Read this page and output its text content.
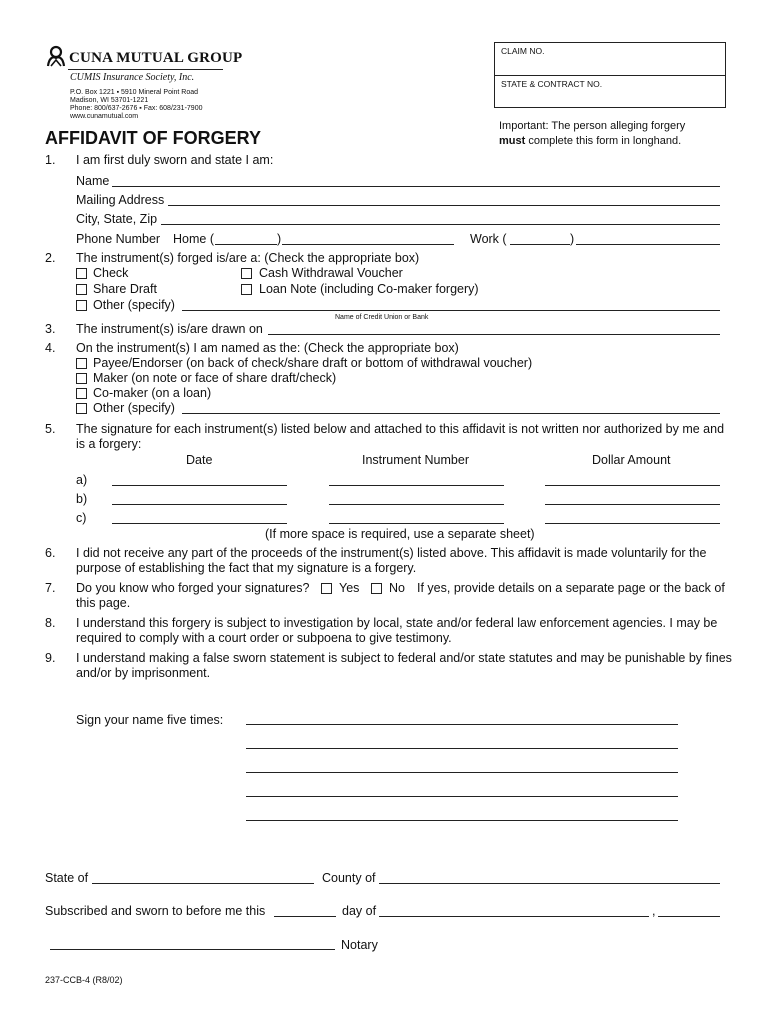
CUNA MUTUAL GROUP
CUMIS Insurance Society, Inc.
P.O. Box 1221 ▪ 5910 Mineral Point Road
Madison, WI 53701-1221
Phone: 800/637-2676 ▪ Fax: 608/231-7900
www.cunamutual.com
CLAIM NO.
STATE & CONTRACT NO.
Important: The person alleging forgery
must complete this form in longhand.
AFFIDAVIT OF FORGERY
1. I am first duly sworn and state I am:
Name
Mailing Address
City, State, Zip
Phone Number Home (	)	Work (	)
2. The instrument(s) forged is/are a: (Check the appropriate box)
Check	Cash Withdrawal Voucher
Share Draft	Loan Note (including Co-maker forgery)
Other (specify)
Name of Credit Union or Bank
3. The instrument(s) is/are drawn on
4. On the instrument(s) I am named as the: (Check the appropriate box)
Payee/Endorser (on back of check/share draft or bottom of withdrawal voucher)
Maker (on note or face of share draft/check)
Co-maker (on a loan)
Other (specify)
5. The signature for each instrument(s) listed below and attached to this affidavit is not written nor authorized by me and
is a forgery:
Date	Instrument Number	Dollar Amount
a)
b)
c)
(If more space is required, use a separate sheet)
6. I did not receive any part of the proceeds of the instrument(s) listed above. This affidavit is made voluntarily for the
purpose of establishing the fact that my signature is a forgery.
7. Do you know who forged your signatures? Yes No If yes, provide details on a separate page or the back of
this page.
8. I understand this forgery is subject to investigation by local, state and/or federal law enforcement agencies. I may be
required to comply with a court order or subpoena to give testimony.
9. I understand making a false sworn statement is subject to federal and/or state statutes and may be punishable by fines
and/or by imprisonment.
Sign your name five times:
State of	County of
Subscribed and sworn to before me this	day of	,
Notary
237-CCB-4 (R8/02)
